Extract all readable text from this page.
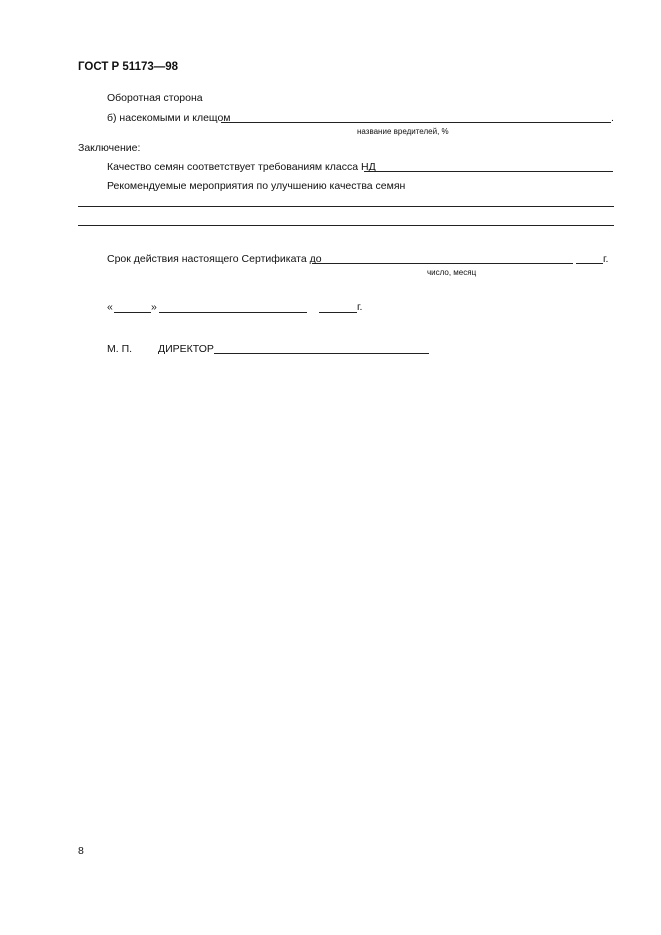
ГОСТ Р 51173—98
Оборотная сторона
б) насекомыми и клещом	.
название вредителей, %
Заключение:
Качество семян соответствует требованиям класса НД
Рекомендуемые мероприятия по улучшению качества семян
Срок действия настоящего Сертификата до	г.
число, месяц
«	»	г.
М. П. ДИРЕКТОР
8
